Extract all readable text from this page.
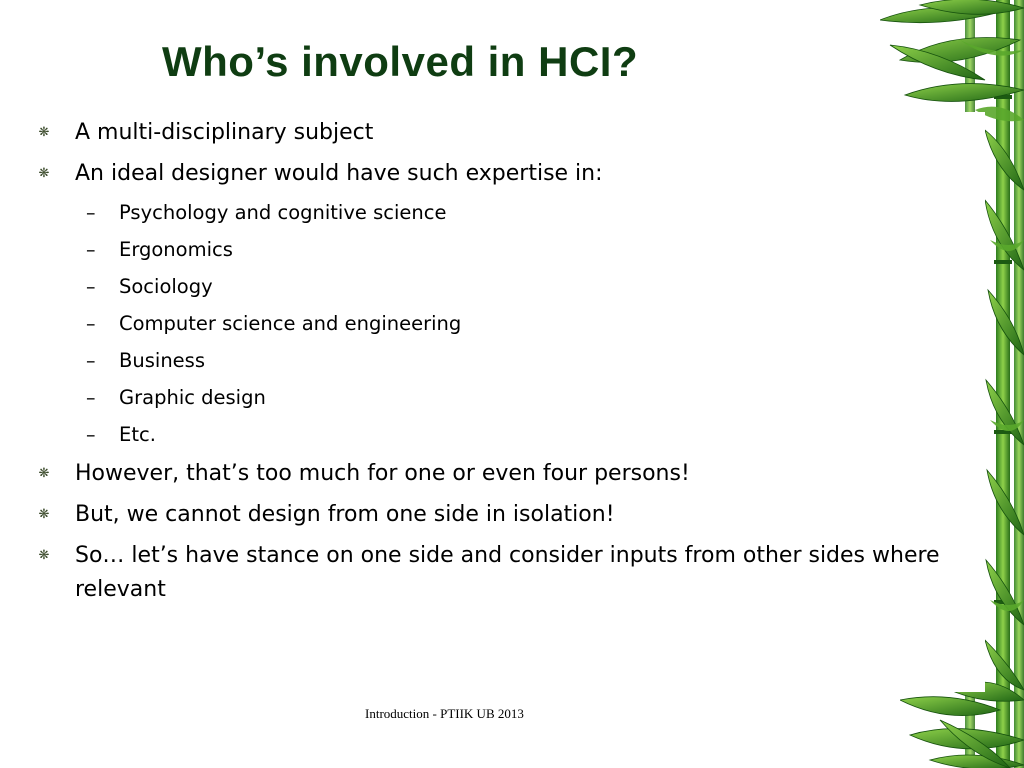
Who’s involved in HCI?
❋ A multi-disciplinary subject
❋ An ideal designer would have such expertise in:
– Psychology and cognitive science
– Ergonomics
– Sociology
– Computer science and engineering
– Business
– Graphic design
– Etc.
❋ However, that’s too much for one or even four persons!
❋ But, we cannot design from one side in isolation!
❋ So… let’s have stance on one side and consider inputs from other sides where relevant
Introduction - PTIIK UB 2013
